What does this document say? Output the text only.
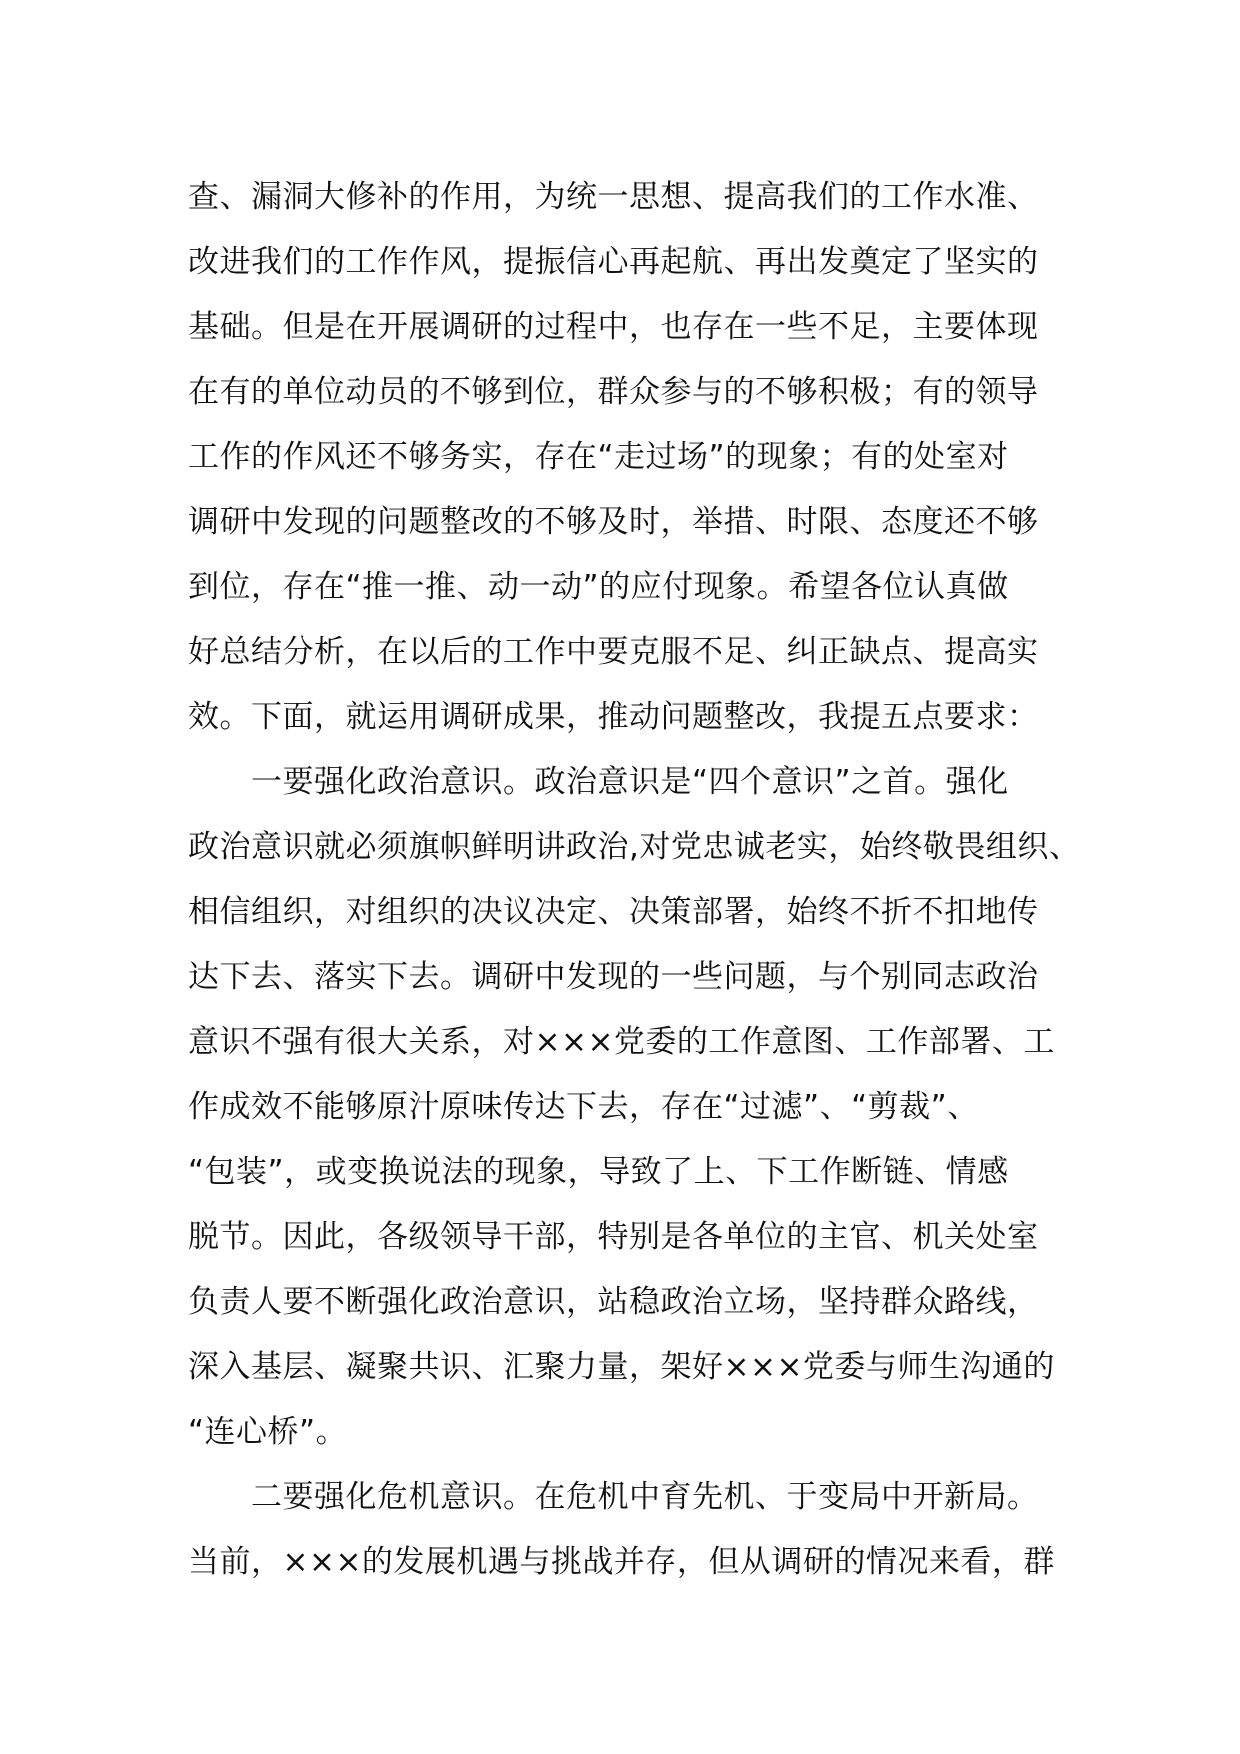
查、漏洞大修补的作用，为统一思想、提高我们的工作水准、
改进我们的工作作风，提振信心再起航、再出发奠定了坚实的
基础。但是在开展调研的过程中，也存在一些不足，主要体现
在有的单位动员的不够到位，群众参与的不够积极；有的领导
工作的作风还不够务实，存在“走过场”的现象；有的处室对
调研中发现的问题整改的不够及时，举措、时限、态度还不够
到位，存在“推一推、动一动”的应付现象。希望各位认真做
好总结分析，在以后的工作中要克服不足、纠正缺点、提高实
效。下面，就运用调研成果，推动问题整改，我提五点要求：
　　一要强化政治意识。政治意识是“四个意识”之首。强化
政治意识就必须旗帜鲜明讲政治,对党忠诚老实，始终敬畏组织、
相信组织，对组织的决议决定、决策部署，始终不折不扣地传
达下去、落实下去。调研中发现的一些问题，与个别同志政治
意识不强有很大关系，对×××党委的工作意图、工作部署、工
作成效不能够原汁原味传达下去，存在“过滤”、“剪裁”、
“包装”，或变换说法的现象，导致了上、下工作断链、情感
脱节。因此，各级领导干部，特别是各单位的主官、机关处室
负责人要不断强化政治意识，站稳政治立场，坚持群众路线，
深入基层、凝聚共识、汇聚力量，架好×××党委与师生沟通的
“连心桥”。
　　二要强化危机意识。在危机中育先机、于变局中开新局。
当前，×××的发展机遇与挑战并存，但从调研的情况来看，群
